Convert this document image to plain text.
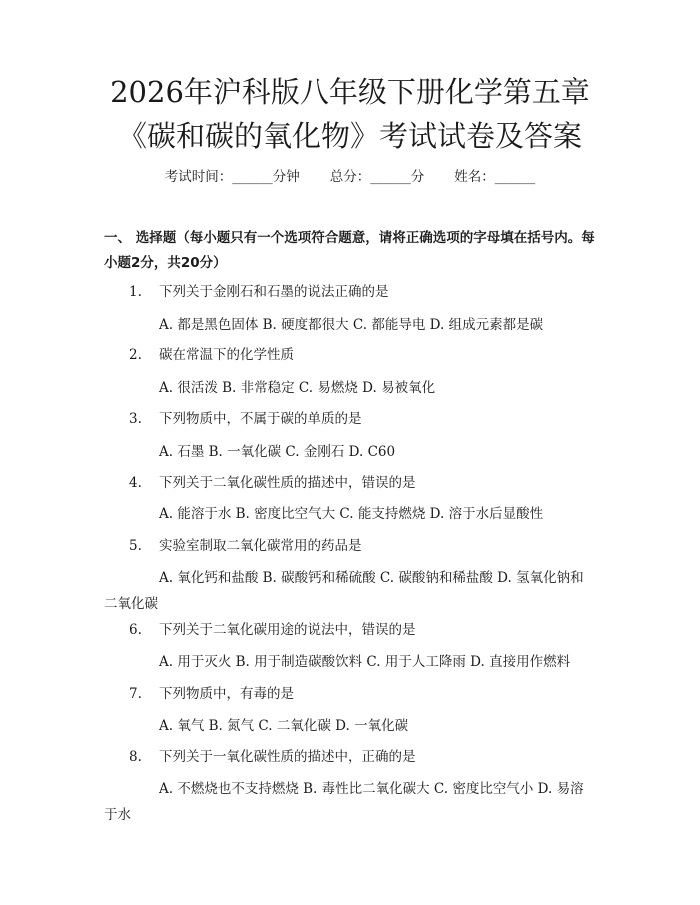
2026年沪科版八年级下册化学第五章《碳和碳的氧化物》考试试卷及答案
考试时间：______分钟 总分：______分 姓名：______
一、 选择题（每小题只有一个选项符合题意，请将正确选项的字母填在括号内。每小题2分，共20分）
1. 下列关于金刚石和石墨的说法正确的是
A. 都是黑色固体 B. 硬度都很大 C. 都能导电 D. 组成元素都是碳
2. 碳在常温下的化学性质
A. 很活泼 B. 非常稳定 C. 易燃烧 D. 易被氧化
3. 下列物质中，不属于碳的单质的是
A. 石墨 B. 一氧化碳 C. 金刚石 D. C60
4. 下列关于二氧化碳性质的描述中，错误的是
A. 能溶于水 B. 密度比空气大 C. 能支持燃烧 D. 溶于水后显酸性
5. 实验室制取二氧化碳常用的药品是
A. 氧化钙和盐酸 B. 碳酸钙和稀硫酸 C. 碳酸钠和稀盐酸 D. 氢氧化钠和二氧化碳
6. 下列关于二氧化碳用途的说法中，错误的是
A. 用于灭火 B. 用于制造碳酸饮料 C. 用于人工降雨 D. 直接用作燃料
7. 下列物质中，有毒的是
A. 氧气 B. 氮气 C. 二氧化碳 D. 一氧化碳
8. 下列关于一氧化碳性质的描述中，正确的是
A. 不燃烧也不支持燃烧 B. 毒性比二氧化碳大 C. 密度比空气小 D. 易溶于水
